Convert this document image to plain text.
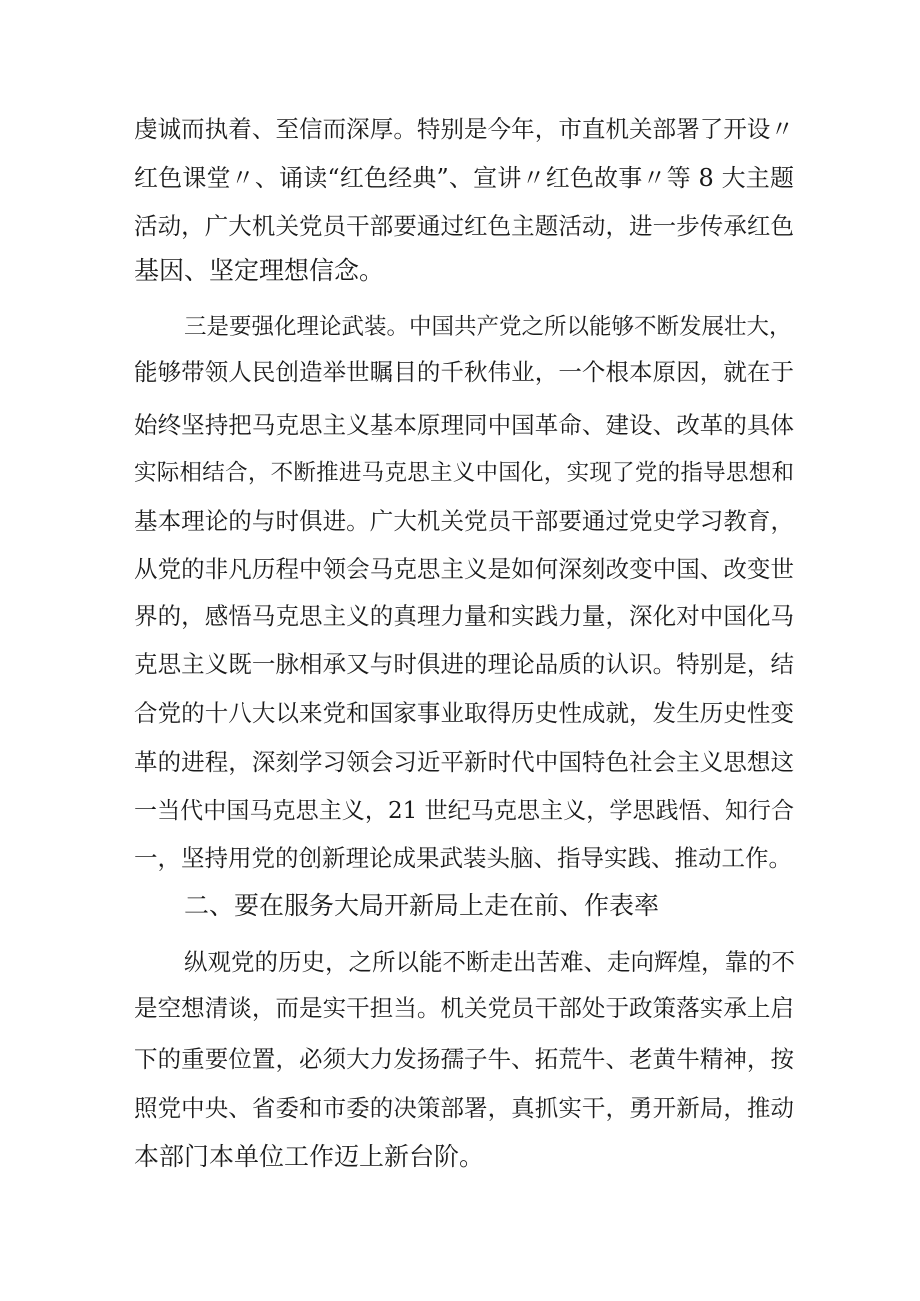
虔诚而执着、至信而深厚。特别是今年，市直机关部署了开设〃
红色课堂〃、诵读“红色经典”、宣讲〃红色故事〃等 8 大主题
活动，广大机关党员干部要通过红色主题活动，进一步传承红色
基因、坚定理想信念。
三是要强化理论武装。中国共产党之所以能够不断发展壮大，
能够带领人民创造举世瞩目的千秋伟业，一个根本原因，就在于
始终坚持把马克思主义基本原理同中国革命、建设、改革的具体
实际相结合，不断推进马克思主义中国化，实现了党的指导思想和
基本理论的与时俱进。广大机关党员干部要通过党史学习教育，
从党的非凡历程中领会马克思主义是如何深刻改变中国、改变世
界的，感悟马克思主义的真理力量和实践力量，深化对中国化马
克思主义既一脉相承又与时俱进的理论品质的认识。特别是，结
合党的十八大以来党和国家事业取得历史性成就，发生历史性变
革的进程，深刻学习领会习近平新时代中国特色社会主义思想这
一当代中国马克思主义，21 世纪马克思主义，学思践悟、知行合
一，坚持用党的创新理论成果武装头脑、指导实践、推动工作。
二、要在服务大局开新局上走在前、作表率
纵观党的历史，之所以能不断走出苦难、走向辉煌，靠的不
是空想清谈，而是实干担当。机关党员干部处于政策落实承上启
下的重要位置，必须大力发扬孺子牛、拓荒牛、老黄牛精神，按
照党中央、省委和市委的决策部署，真抓实干，勇开新局，推动
本部门本单位工作迈上新台阶。
